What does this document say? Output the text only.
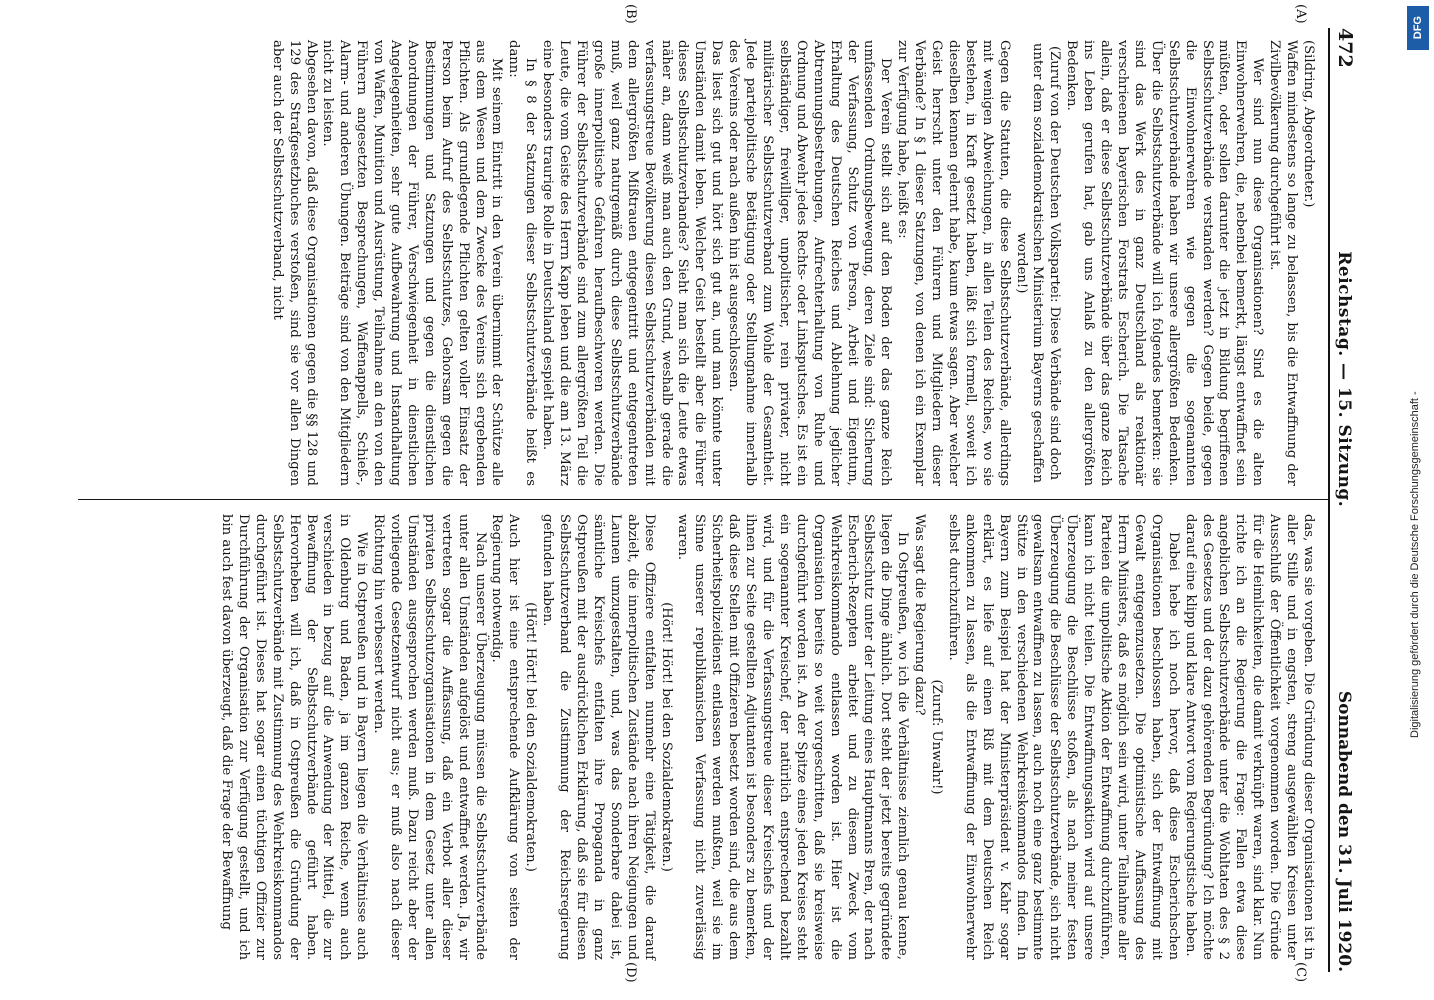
472
Reichstag. — 15. Sitzung.
Sonnabend den 31. Juli 1920.
(A)
(B)
(C)
(D)

(Sildring, Abgeordneter.)

Waffen mindestens so lange zu belassen, bis die Entwaffnung der Zivilbevölkerung durchgeführt ist.

Wer sind nun diese Organisationen? Sind es die alten Einwohnerwehren, die, nebenbei bemerkt, längst entwaffnet sein müßten, oder sollen darunter die jetzt in Bildung begriffenen Selbstschutzverbände verstanden werden? Gegen beide, gegen die Einwohnerwehren wie gegen die sogenannten Selbstschutzverbände haben wir unsere allergrößten Bedenken. Über die Selbstschutzverbände will ich folgendes bemerken: sie sind das Werk des in ganz Deutschland als reaktionär verschrieenen bayerischen Forstrats Escherich. Die Tatsache allein, daß er diese Selbstschutzverbände über das ganze Reich ins Leben gerufen hat, gab uns Anlaß zu den allergrößten Bedenken.

(Zuruf von der Deutschen Volkspartei: Diese Verbände sind doch unter dem sozialdemokratischen Ministerium Bayerns geschaffen worden!)

Gegen die Statuten, die diese Selbstschutzverbände, allerdings mit wenigen Abweichungen, in allen Teilen des Reiches, wo sie bestehen, in Kraft gesetzt haben, läßt sich formell, soweit ich dieselben kennen gelernt habe, kaum etwas sagen. Aber welcher Geist herrscht unter den Führern und Mitgliedern dieser Verbände? In § 1 dieser Satzungen, von denen ich ein Exemplar zur Verfügung habe, heißt es:

Der Verein stellt sich auf den Boden der das ganze Reich umfassenden Ordnungsbewegung, deren Ziele sind: Sicherung der Verfassung, Schutz von Person, Arbeit und Eigentum, Erhaltung des Deutschen Reiches und Ablehnung jeglicher Abtrennungsbestrebungen, Aufrechterhaltung von Ruhe und Ordnung und Abwehr jedes Rechts- oder Linksputsches. Es ist ein selbständiger, freiwilliger, unpolitischer, rein privater, nicht militärischer Selbstschutzverband zum Wohle der Gesamtheit. Jede parteipolitische Betätigung oder Stellungnahme innerhalb des Vereins oder nach außen hin ist ausgeschlossen.

Das liest sich gut und hört sich gut an, und man könnte unter Umständen damit leben. Welcher Geist bestellt aber die Führer dieses Selbstschutzverbandes? Sieht man sich die Leute etwas näher an, dann weiß man auch den Grund, weshalb gerade die verfassungstreue Bevölkerung diesen Selbstschutzverbänden mit dem allergrößten Mißtrauen entgegentritt und entgegentreten muß, weil ganz naturgemäß durch diese Selbstschutzverbände große innerpolitische Gefahren heraufbeschworen werden. Die Führer der Selbstschutzverbände sind zum allergrößten Teil die Leute, die vom Geiste des Herrn Kapp leben und die am 13. März eine besonders traurige Rolle in Deutschland gespielt haben.

In § 8 der Satzungen dieser Selbstschutzverbände heißt es dann:

Mit seinem Eintritt in den Verein übernimmt der Schütze alle aus dem Wesen und dem Zwecke des Vereins sich ergebenden Pflichten. Als grundlegende Pflichten gelten voller Einsatz der Person beim Aufruf des Selbstschutzes, Gehorsam gegen die Bestimmungen und Satzungen und gegen die dienstlichen Anordnungen der Führer, Verschwiegenheit in dienstlichen Angelegenheiten, sehr gute Aufbewahrung und Instandhaltung von Waffen, Munition und Ausrüstung, Teilnahme an den von den Führern angesetzten Besprechungen, Waffenappells, Schieß-, Alarm- und anderen Übungen. Beiträge sind von den Mitgliedern nicht zu leisten.

Abgesehen davon, daß diese Organisationen gegen die §§ 128 und 129 des Strafgesetzbuches verstoßen, sind sie vor allen Dingen aber auch der Selbstschutzverband, nicht

das, was sie vorgeben. Die Gründung dieser Organisationen ist in aller Stille und in engsten, streng ausgewählten Kreisen unter Ausschluß der Öffentlichkeit vorgenommen worden. Die Gründe für die Heimlichkeiten, die damit verknüpft waren, sind klar. Nun richte ich an die Regierung die Frage: Fallen etwa diese angeblichen Selbstschutzverbände unter die Wohltaten des § 2 des Gesetzes und der dazu gehörenden Begründung? Ich möchte darauf eine klipp und klare Antwort vom Regierungstische haben.

Dabei hebe ich noch hervor, daß diese Escherichschen Organisationen beschlossen haben, sich der Entwaffnung mit Gewalt entgegenzusetzen. Die optimistische Auffassung des Herrn Ministers, daß es möglich sein wird, unter Teilnahme aller Parteien die unpolitische Aktion der Entwaffnung durchzuführen, kann ich nicht teilen. Die Entwaffnungsaktion wird auf unsere Überzeugung die Beschlüsse stoßen, als nach meiner festen Überzeugung die Beschlüsse der Selbstschutzverbände, sich nicht gewaltsam entwaffnen zu lassen, auch noch eine ganz bestimmte Stütze in den verschiedenen Wehrkreiskommandos finden. In Bayern zum Beispiel hat der Ministerpräsident v. Kahr sogar erklärt, es liefe auf einen Riß mit dem Deutschen Reich ankommen zu lassen, als die Entwaffnung der Einwohnerwehr selbst durchzuführen.

(Zuruf: Unwahr!)

Was sagt die Regierung dazu?

In Ostpreußen, wo ich die Verhältnisse ziemlich genau kenne, liegen die Dinge ähnlich. Dort steht der jetzt bereits gegründete Selbstschutz unter der Leitung eines Hauptmanns Bren, der nach Escherich-Rezepten arbeitet und zu diesem Zweck vom Wehrkreiskommando entlassen worden ist. Hier ist die Organisation bereits so weit vorgeschritten, daß sie kreisweise durchgeführt worden ist. An der Spitze eines jeden Kreises steht ein sogenannter Kreischef, der natürlich entsprechend bezahlt wird, und für die Verfassungstreue dieser Kreischefs und der ihnen zur Seite gestellten Adjutanten ist besonders zu bemerken, daß diese Stellen mit Offizieren besetzt worden sind, die aus dem Sicherheitspolizeidienst entlassen werden mußten, weil sie im Sinne unserer republikanischen Verfassung nicht zuverlässig waren.

(Hört! Hört! bei den Sozialdemokraten.)

Diese Offiziere entfalten nunmehr eine Tätigkeit, die darauf abzielt, die innerpolitischen Zustände nach ihren Neigungen und Launen umzugestalten, und, was das Sonderbare dabei ist, sämtliche Kreischefs entfalten ihre Propaganda in ganz Ostpreußen mit der ausdrücklichen Erklärung, daß sie für diesen Selbstschutzverband die Zustimmung der Reichsregierung gefunden haben.

(Hört! Hört! bei den Sozialdemokraten.)

Auch hier ist eine entsprechende Aufklärung von seiten der Regierung notwendig.

Nach unserer Überzeugung müssen die Selbstschutzverbände unter allen Umständen aufgelöst und entwaffnet werden. Ja, wir vertreten sogar die Auffassung, daß ein Verbot aller dieser privaten Selbstschutzorganisationen in dem Gesetz unter allen Umständen ausgesprochen werden muß. Dazu reicht aber der vorliegende Gesetzentwurf nicht aus; er muß also nach dieser Richtung hin verbessert werden.

Wie in Ostpreußen und in Bayern liegen die Verhältnisse auch in Oldenburg und Baden, ja im ganzen Reiche, wenn auch verschieden in bezug auf die Anwendung der Mittel, die zur Bewaffnung der Selbstschutzverbände geführt haben. Hervorheben will ich, daß in Ostpreußen die Gründung der Selbstschutzverbände mit Zustimmung des Wehrkreiskommandos durchgeführt ist. Dieses hat sogar einen tüchtigen Offizier zur Durchführung der Organisation zur Verfügung gestellt, und ich bin auch fest davon überzeugt, daß die Frage der Bewaffnung

DFG
Digitalisierung gefördert durch die Deutsche Forschungsgemeinschaft -
